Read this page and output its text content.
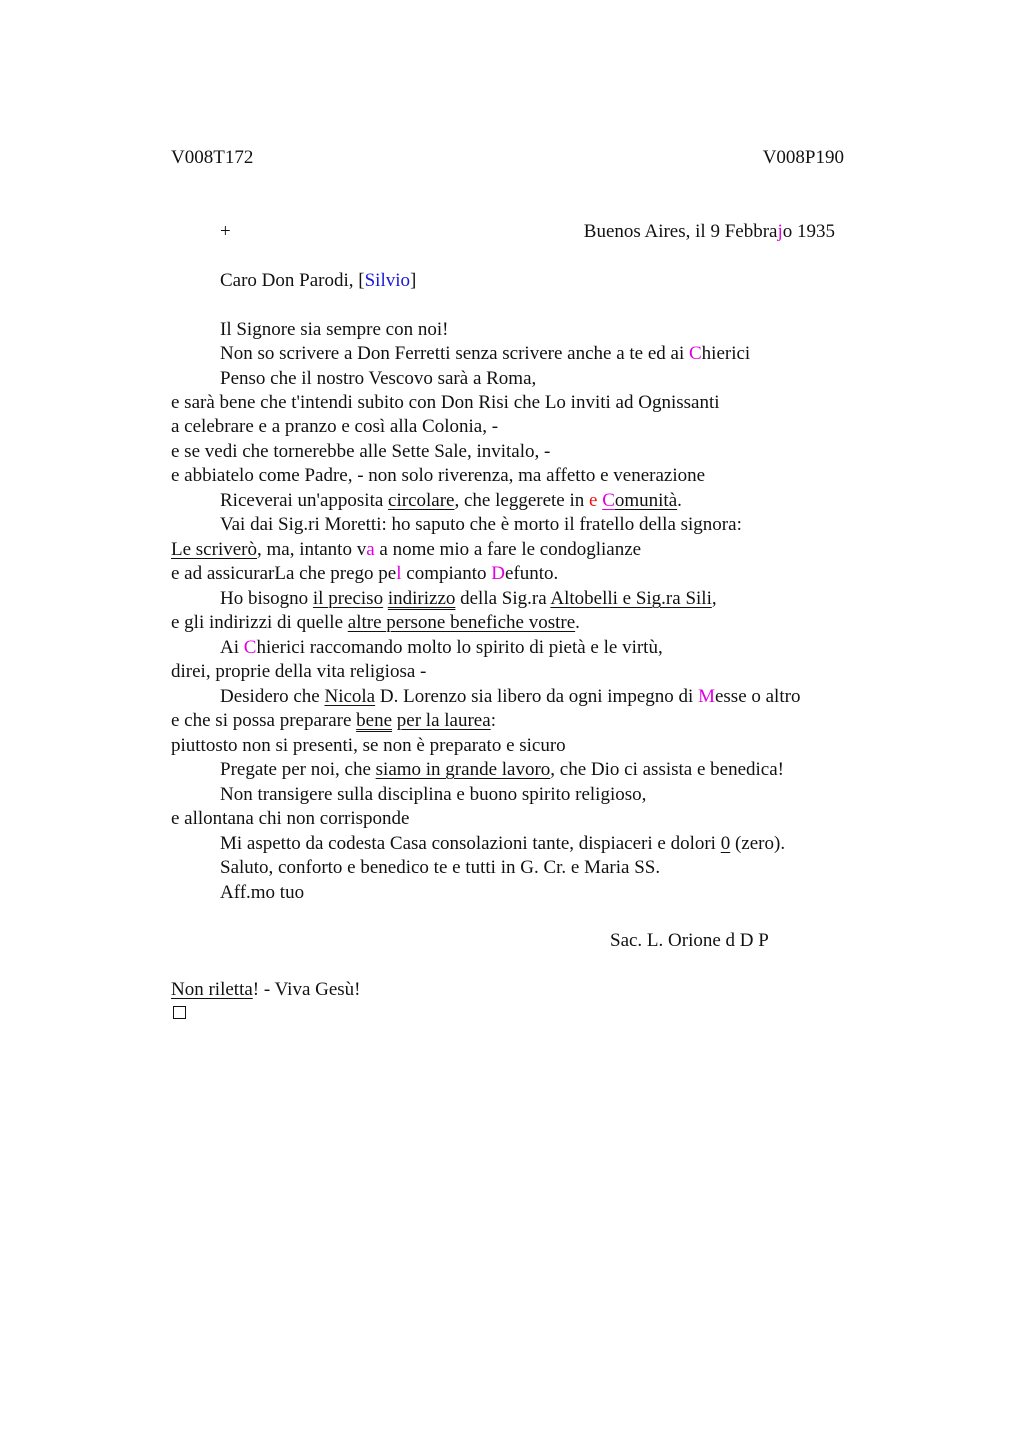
V008T172	V008P190
+	Buenos Aires, il 9 Febbrajo 1935
Caro Don Parodi, [Silvio]
Il Signore sia sempre con noi!
Non so scrivere a Don Ferretti senza scrivere anche a te ed ai Chierici
Penso che il nostro Vescovo sarà a Roma,
e sarà bene che t'intendi subito con Don Risi che Lo inviti ad Ognissanti
a celebrare e a pranzo e così alla Colonia, -
e se vedi che tornerebbe alle Sette Sale, invitalo, -
e abbiatelo come Padre, - non solo riverenza, ma affetto e venerazione
Riceverai un'apposita circolare, che leggerete in e Comunità.
Vai dai Sig.ri Moretti: ho saputo che è morto il fratello della signora:
Le scriverò, ma, intanto va a nome mio a fare le condoglianze
e ad assicurarLa che prego pel compianto Defunto.
Ho bisogno il preciso indirizzo della Sig.ra Altobelli e Sig.ra Sili,
e gli indirizzi di quelle altre persone benefiche vostre.
Ai Chierici raccomando molto lo spirito di pietà e le virtù,
direi, proprie della vita religiosa -
Desidero che Nicola D. Lorenzo sia libero da ogni impegno di Messe o altro
e che si possa preparare bene per la laurea:
piuttosto non si presenti, se non è preparato e sicuro
Pregate per noi, che siamo in grande lavoro, che Dio ci assista e benedica!
Non transigere sulla disciplina e buono spirito religioso,
e allontana chi non corrisponde
Mi aspetto da codesta Casa consolazioni tante, dispiaceri e dolori 0 (zero).
Saluto, conforto e benedico te e tutti in G. Cr. e Maria SS.
Aff.mo tuo
Sac. L. Orione d D P
Non riletta! - Viva Gesù!
